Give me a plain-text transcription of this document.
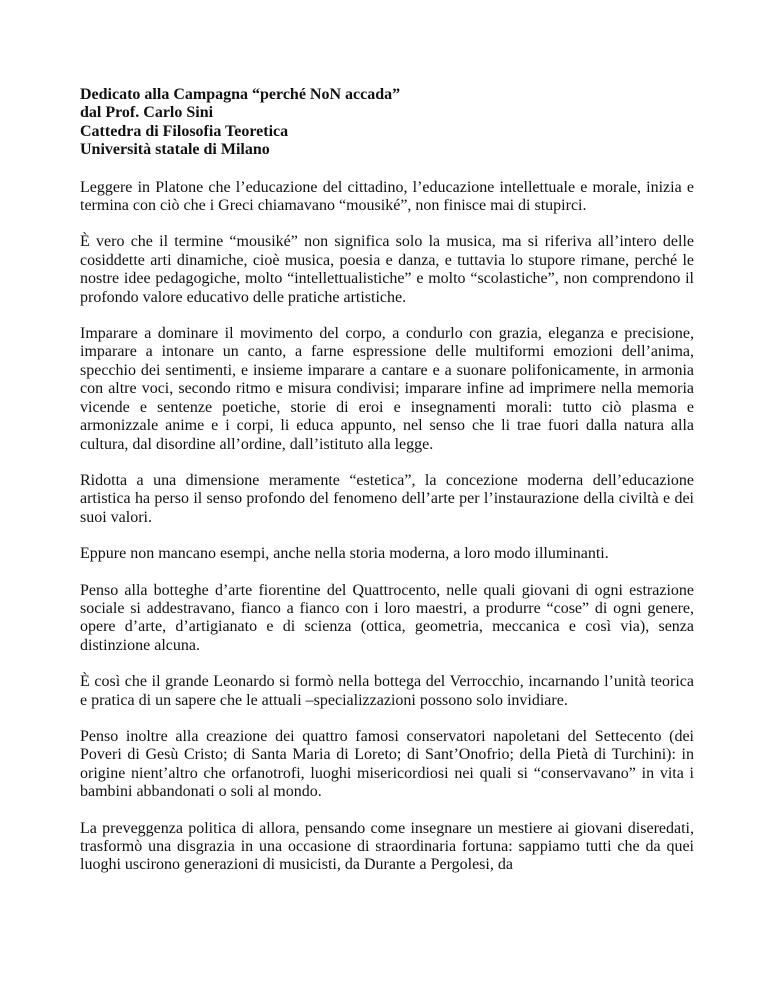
Dedicato alla Campagna “perché NoN accada”
dal Prof. Carlo Sini
Cattedra di Filosofia Teoretica
Università statale di Milano

Leggere in Platone che l’educazione del cittadino, l’educazione intellettuale e morale, inizia e termina con ciò che i Greci chiamavano “mousiké”, non finisce mai di stupirci.

È vero che il termine “mousiké” non significa solo la musica, ma si riferiva all’intero delle cosiddette arti dinamiche, cioè musica, poesia e danza, e tuttavia lo stupore rimane, perché le nostre idee pedagogiche, molto “intellettualistiche” e molto “scolastiche”, non comprendono il profondo valore educativo delle pratiche artistiche.

Imparare a dominare il movimento del corpo, a condurlo con grazia, eleganza e precisione, imparare a intonare un canto, a farne espressione delle multiformi emozioni dell’anima, specchio dei sentimenti, e insieme imparare a cantare e a suonare polifonicamente, in armonia con altre voci, secondo ritmo e misura condivisi; imparare infine ad imprimere nella memoria vicende e sentenze poetiche, storie di eroi e insegnamenti morali: tutto ciò plasma e armonizzale anime e i corpi, li educa appunto, nel senso che li trae fuori dalla natura alla cultura, dal disordine all’ordine, dall’istituto alla legge.

Ridotta a una dimensione meramente “estetica”, la concezione moderna dell’educazione artistica ha perso il senso profondo del fenomeno dell’arte per l’instaurazione della civiltà e dei suoi valori.

Eppure non mancano esempi, anche nella storia moderna, a loro modo illuminanti.

Penso alla botteghe d’arte fiorentine del Quattrocento, nelle quali giovani di ogni estrazione sociale si addestravano, fianco a fianco con i loro maestri, a produrre “cose” di ogni genere, opere d’arte, d’artigianato e di scienza (ottica, geometria, meccanica e così via), senza distinzione alcuna.

È così che il grande Leonardo si formò nella bottega del Verrocchio, incarnando l’unità teorica e pratica di un sapere che le attuali –specializzazioni possono solo invidiare.

Penso inoltre alla creazione dei quattro famosi conservatori napoletani del Settecento (dei Poveri di Gesù Cristo; di Santa Maria di Loreto; di Sant’Onofrio; della Pietà di Turchini): in origine nient’altro che orfanotrofi, luoghi misericordiosi nei quali si “conservavano” in vita i bambini abbandonati o soli al mondo.

La preveggenza politica di allora, pensando come insegnare un mestiere ai giovani diseredati, trasformò una disgrazia in una occasione di straordinaria fortuna: sappiamo tutti che da quei luoghi uscirono generazioni di musicisti, da Durante a Pergolesi, da
